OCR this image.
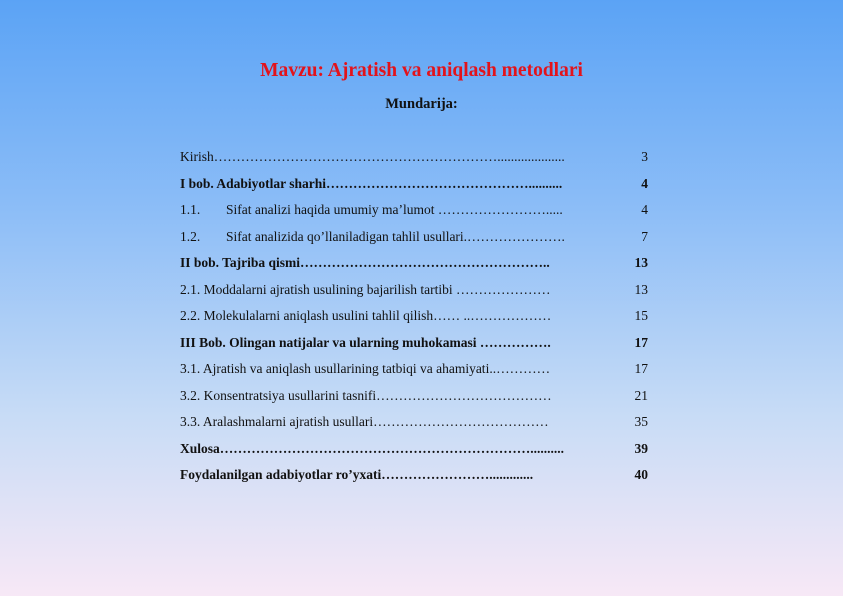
Mavzu: Ajratish va aniqlash metodlari
Mundarija:
Kirish………………………………………………………....................	3
I bob. Adabiyotlar sharhi………………………………………..........	4
1.1. Sifat analizi haqida umumiy ma’lumot …………………….....	4
1.2. Sifat analizida qo’llaniladigan tahlil usullari.………………….	7
II bob. Tajriba qismi………………………………………………..	13
2.1. Moddalarni ajratish usulining bajarilish tartibi …………………	13
2.2. Molekulalarni aniqlash usulini tahlil qilish…… ..………………	15
III Bob. Olingan natijalar va ularning muhokamasi …………….	17
3.1. Ajratish va aniqlash usullarining tatbiqi va ahamiyati..…………	17
3.2. Konsentratsiya usullarini tasnifi…………………………………	21
3.3. Aralashmalarni ajratish usullari…………………………………	35
Xulosa……………………………………………………………..........	39
Foydalanilgan adabiyotlar ro’yxati…………………….............	40
